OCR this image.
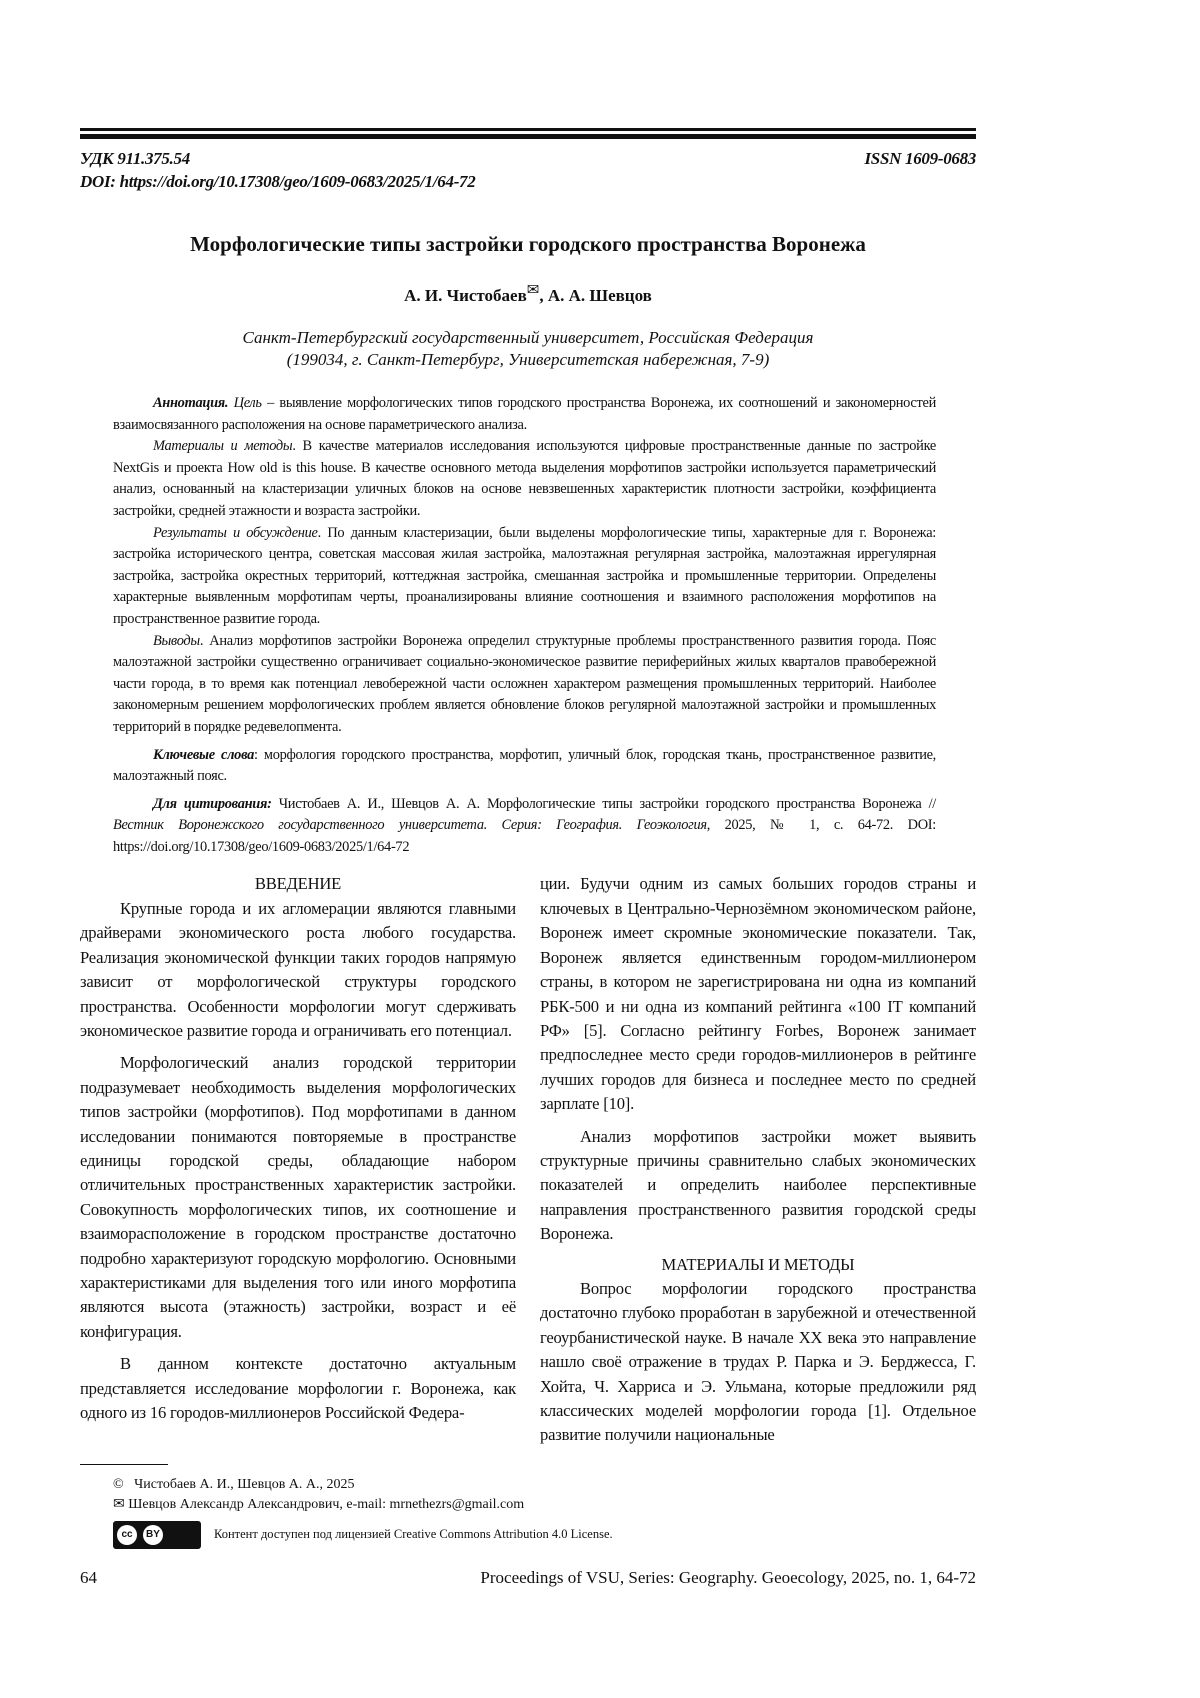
УДК 911.375.54	ISSN 1609-0683
DOI: https://doi.org/10.17308/geo/1609-0683/2025/1/64-72
Морфологические типы застройки городского пространства Воронежа
А. И. Чистобаев✉, А. А. Шевцов
Санкт-Петербургский государственный университет, Российская Федерация
(199034, г. Санкт-Петербург, Университетская набережная, 7-9)

Аннотация. Цель – выявление морфологических типов городского пространства Воронежа, их соотношений и закономерностей взаимосвязанного расположения на основе параметрического анализа.

Материалы и методы. В качестве материалов исследования используются цифровые пространственные данные по застройке NextGis и проекта How old is this house. В качестве основного метода выделения морфотипов застройки используется параметрический анализ, основанный на кластеризации уличных блоков на основе невзвешенных характеристик плотности застройки, коэффициента застройки, средней этажности и возраста застройки.

Результаты и обсуждение. По данным кластеризации, были выделены морфологические типы, характерные для г. Воронежа: застройка исторического центра, советская массовая жилая застройка, малоэтажная регулярная застройка, малоэтажная иррегулярная застройка, застройка окрестных территорий, коттеджная застройка, смешанная застройка и промышленные территории. Определены характерные выявленным морфотипам черты, проанализированы влияние соотношения и взаимного расположения морфотипов на пространственное развитие города.

Выводы. Анализ морфотипов застройки Воронежа определил структурные проблемы пространственного развития города. Пояс малоэтажной застройки существенно ограничивает социально-экономическое развитие периферийных жилых кварталов правобережной части города, в то время как потенциал левобережной части осложнен характером размещения промышленных территорий. Наиболее закономерным решением морфологических проблем является обновление блоков регулярной малоэтажной застройки и промышленных территорий в порядке редевелопмента.

Ключевые слова: морфология городского пространства, морфотип, уличный блок, городская ткань, пространственное развитие, малоэтажный пояс.

Для цитирования: Чистобаев А. И., Шевцов А. А. Морфологические типы застройки городского пространства Воронежа // Вестник Воронежского государственного университета. Серия: География. Геоэкология, 2025, № 1, с. 64-72. DOI: https://doi.org/10.17308/geo/1609-0683/2025/1/64-72

ВВЕДЕНИЕ

Крупные города и их агломерации являются главными драйверами экономического роста любого государства. Реализация экономической функции таких городов напрямую зависит от морфологической структуры городского пространства. Особенности морфологии могут сдерживать экономическое развитие города и ограничивать его потенциал.

Морфологический анализ городской территории подразумевает необходимость выделения морфологических типов застройки (морфотипов). Под морфотипами в данном исследовании понимаются повторяемые в пространстве единицы городской среды, обладающие набором отличительных пространственных характеристик застройки. Совокупность морфологических типов, их соотношение и взаиморасположение в городском пространстве достаточно подробно характеризуют городскую морфологию. Основными характеристиками для выделения того или иного морфотипа являются высота (этажность) застройки, возраст и её конфигурация.

В данном контексте достаточно актуальным представляется исследование морфологии г. Воронежа, как одного из 16 городов-миллионеров Российской Федера-

ции. Будучи одним из самых больших городов страны и ключевых в Центрально-Чернозёмном экономическом районе, Воронеж имеет скромные экономические показатели. Так, Воронеж является единственным городом-миллионером страны, в котором не зарегистрирована ни одна из компаний РБК-500 и ни одна из компаний рейтинга «100 IT компаний РФ» [5]. Согласно рейтингу Forbes, Воронеж занимает предпоследнее место среди городов-миллионеров в рейтинге лучших городов для бизнеса и последнее место по средней зарплате [10].

Анализ морфотипов застройки может выявить структурные причины сравнительно слабых экономических показателей и определить наиболее перспективные направления пространственного развития городской среды Воронежа.

МАТЕРИАЛЫ И МЕТОДЫ

Вопрос морфологии городского пространства достаточно глубоко проработан в зарубежной и отечественной геоурбанистической науке. В начале XX века это направление нашло своё отражение в трудах Р. Парка и Э. Берджесса, Г. Хойта, Ч. Харриса и Э. Ульмана, которые предложили ряд классических моделей морфологии города [1]. Отдельное развитие получили национальные

© Чистобаев А. И., Шевцов А. А., 2025
✉ Шевцов Александр Александрович, e-mail: mrnethezrs@gmail.com
cc	BY	Контент доступен под лицензией Creative Commons Attribution 4.0 License.
64	Proceedings of VSU, Series: Geography. Geoecology, 2025, no. 1, 64-72
